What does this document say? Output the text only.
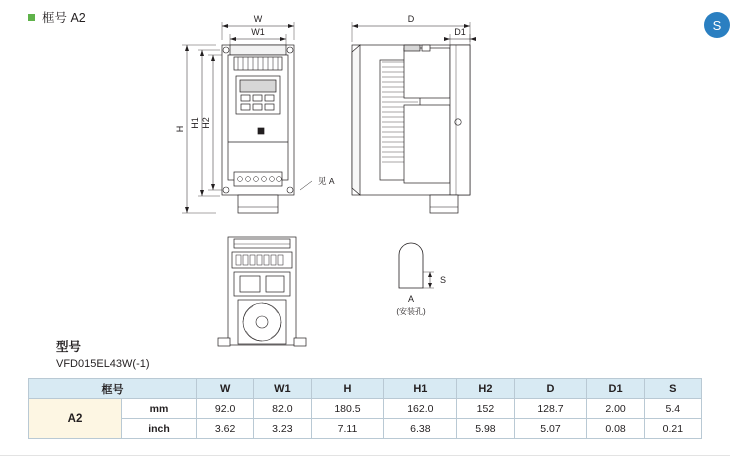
框号 A2	S
W
W1
H
H1 H2
见 A
D
D1
S
A
(安装孔)
型号
VFD015EL43W(-1)
框号		W	W1	H	H1	H2	D	D1	S
A2	mm	92.0	82.0	180.5	162.0	152	128.7	2.00	5.4
	inch	3.62	3.23	7.11	6.38	5.98	5.07	0.08	0.21
